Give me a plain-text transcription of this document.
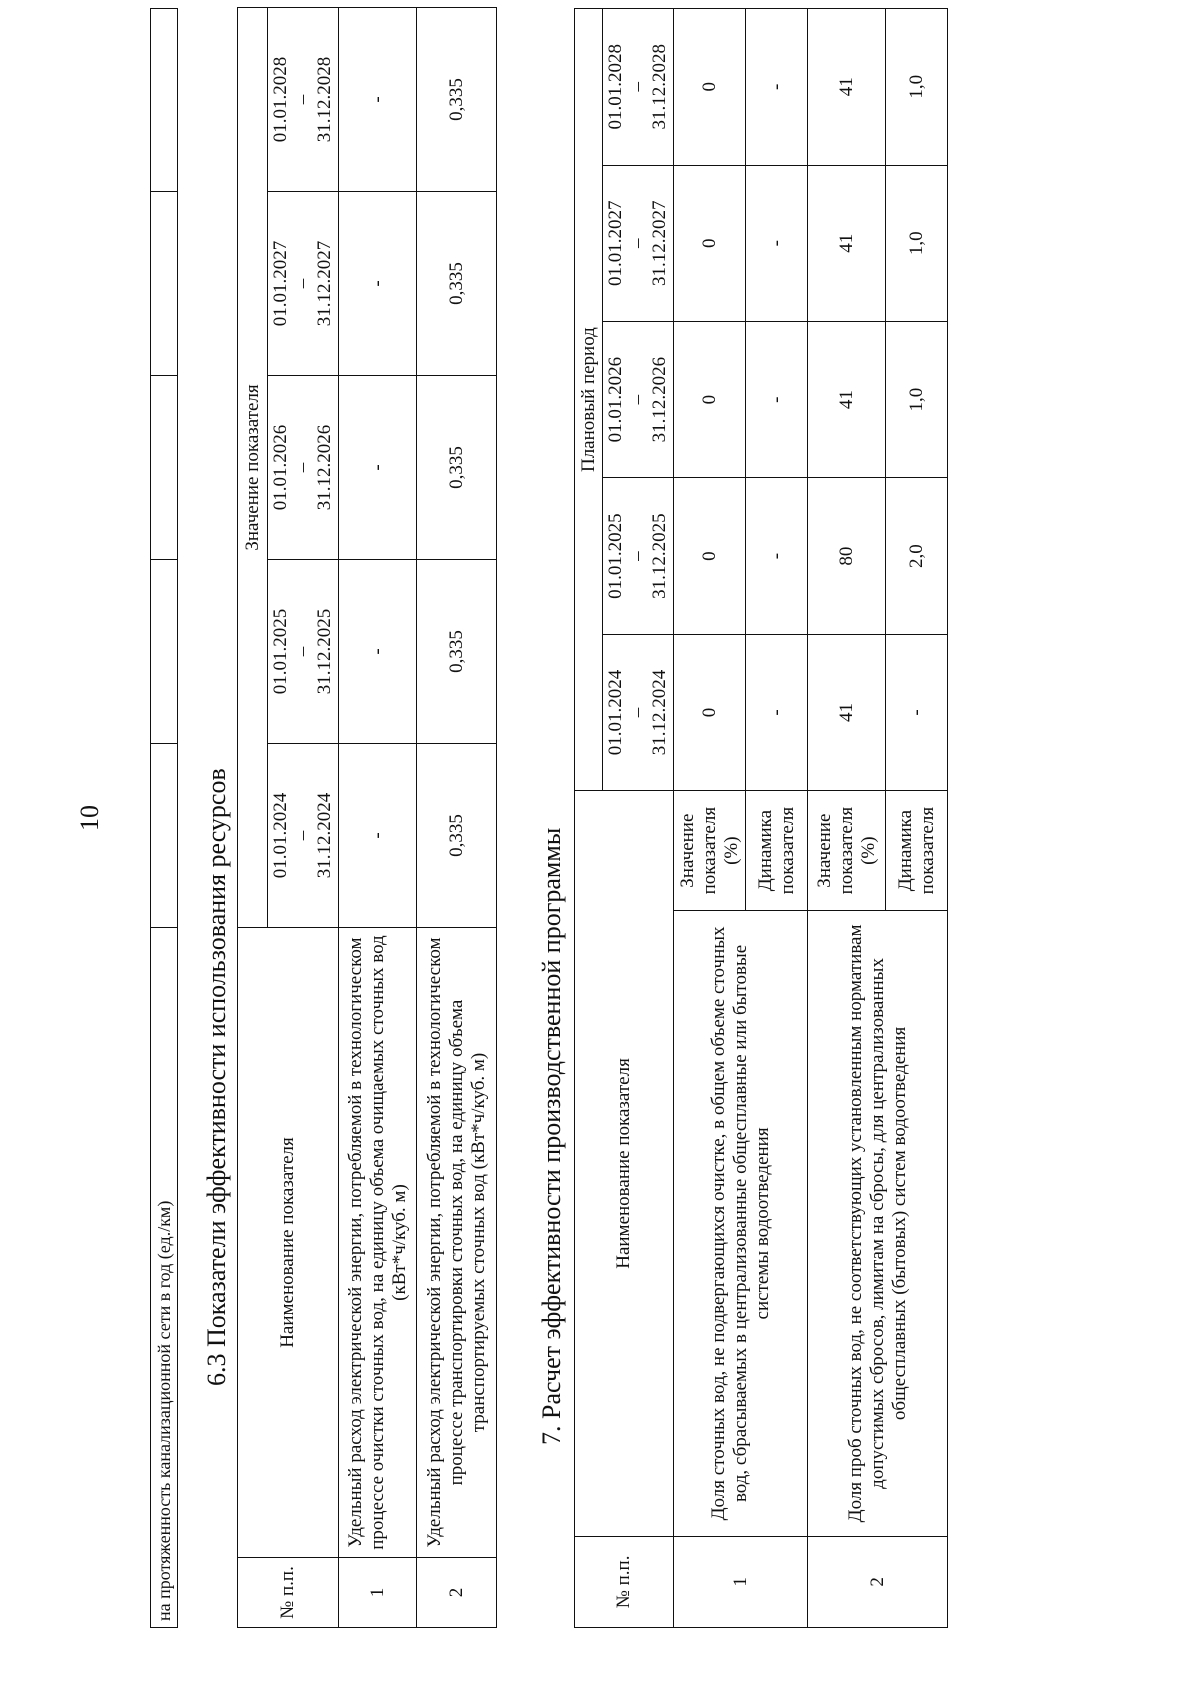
10
на протяженность канализационной сети в год (ед./км)
6.3 Показатели эффективности использования ресурсов
№ п.п.	Наименование показателя	Значение показателя				

		01.01.2024 – 31.12.2024	01.01.2025 – 31.12.2025	01.01.2026 – 31.12.2026	01.01.2027 – 31.12.2027	01.01.2028 – 31.12.2028

1	Удельный расход электрической энергии, потребляемой в технологическом процессе очистки сточных вод, на единицу объема очищаемых сточных вод (кВт*ч/куб. м)	-	-	-	-	-
2	Удельный расход электрической энергии, потребляемой в технологическом процессе транспортировки сточных вод, на единицу объема транспортируемых сточных вод (кВт*ч/куб. м)	0,335	0,335	0,335	0,335	0,335
7. Расчет эффективности производственной программы
№ п.п.	Наименование показателя		Плановый период				

			01.01.2024 – 31.12.2024	01.01.2025 – 31.12.2025	01.01.2026 – 31.12.2026	01.01.2027 – 31.12.2027	01.01.2028 – 31.12.2028

1	Доля сточных вод, не подвергающихся очистке, в общем объеме сточных вод, сбрасываемых в централизованные общесплавные или бытовые системы водоотведения	Значение показателя (%)	0	0	0	0	0
		Динамика показателя	-	-	-	-	-
2	Доля проб сточных вод, не соответствующих установленным нормативам допустимых сбросов, лимитам на сбросы, для централизованных общесплавных (бытовых) систем водоотведения	Значение показателя (%)	41	80	41	41	41
		Динамика показателя	-	2,0	1,0	1,0	1,0
